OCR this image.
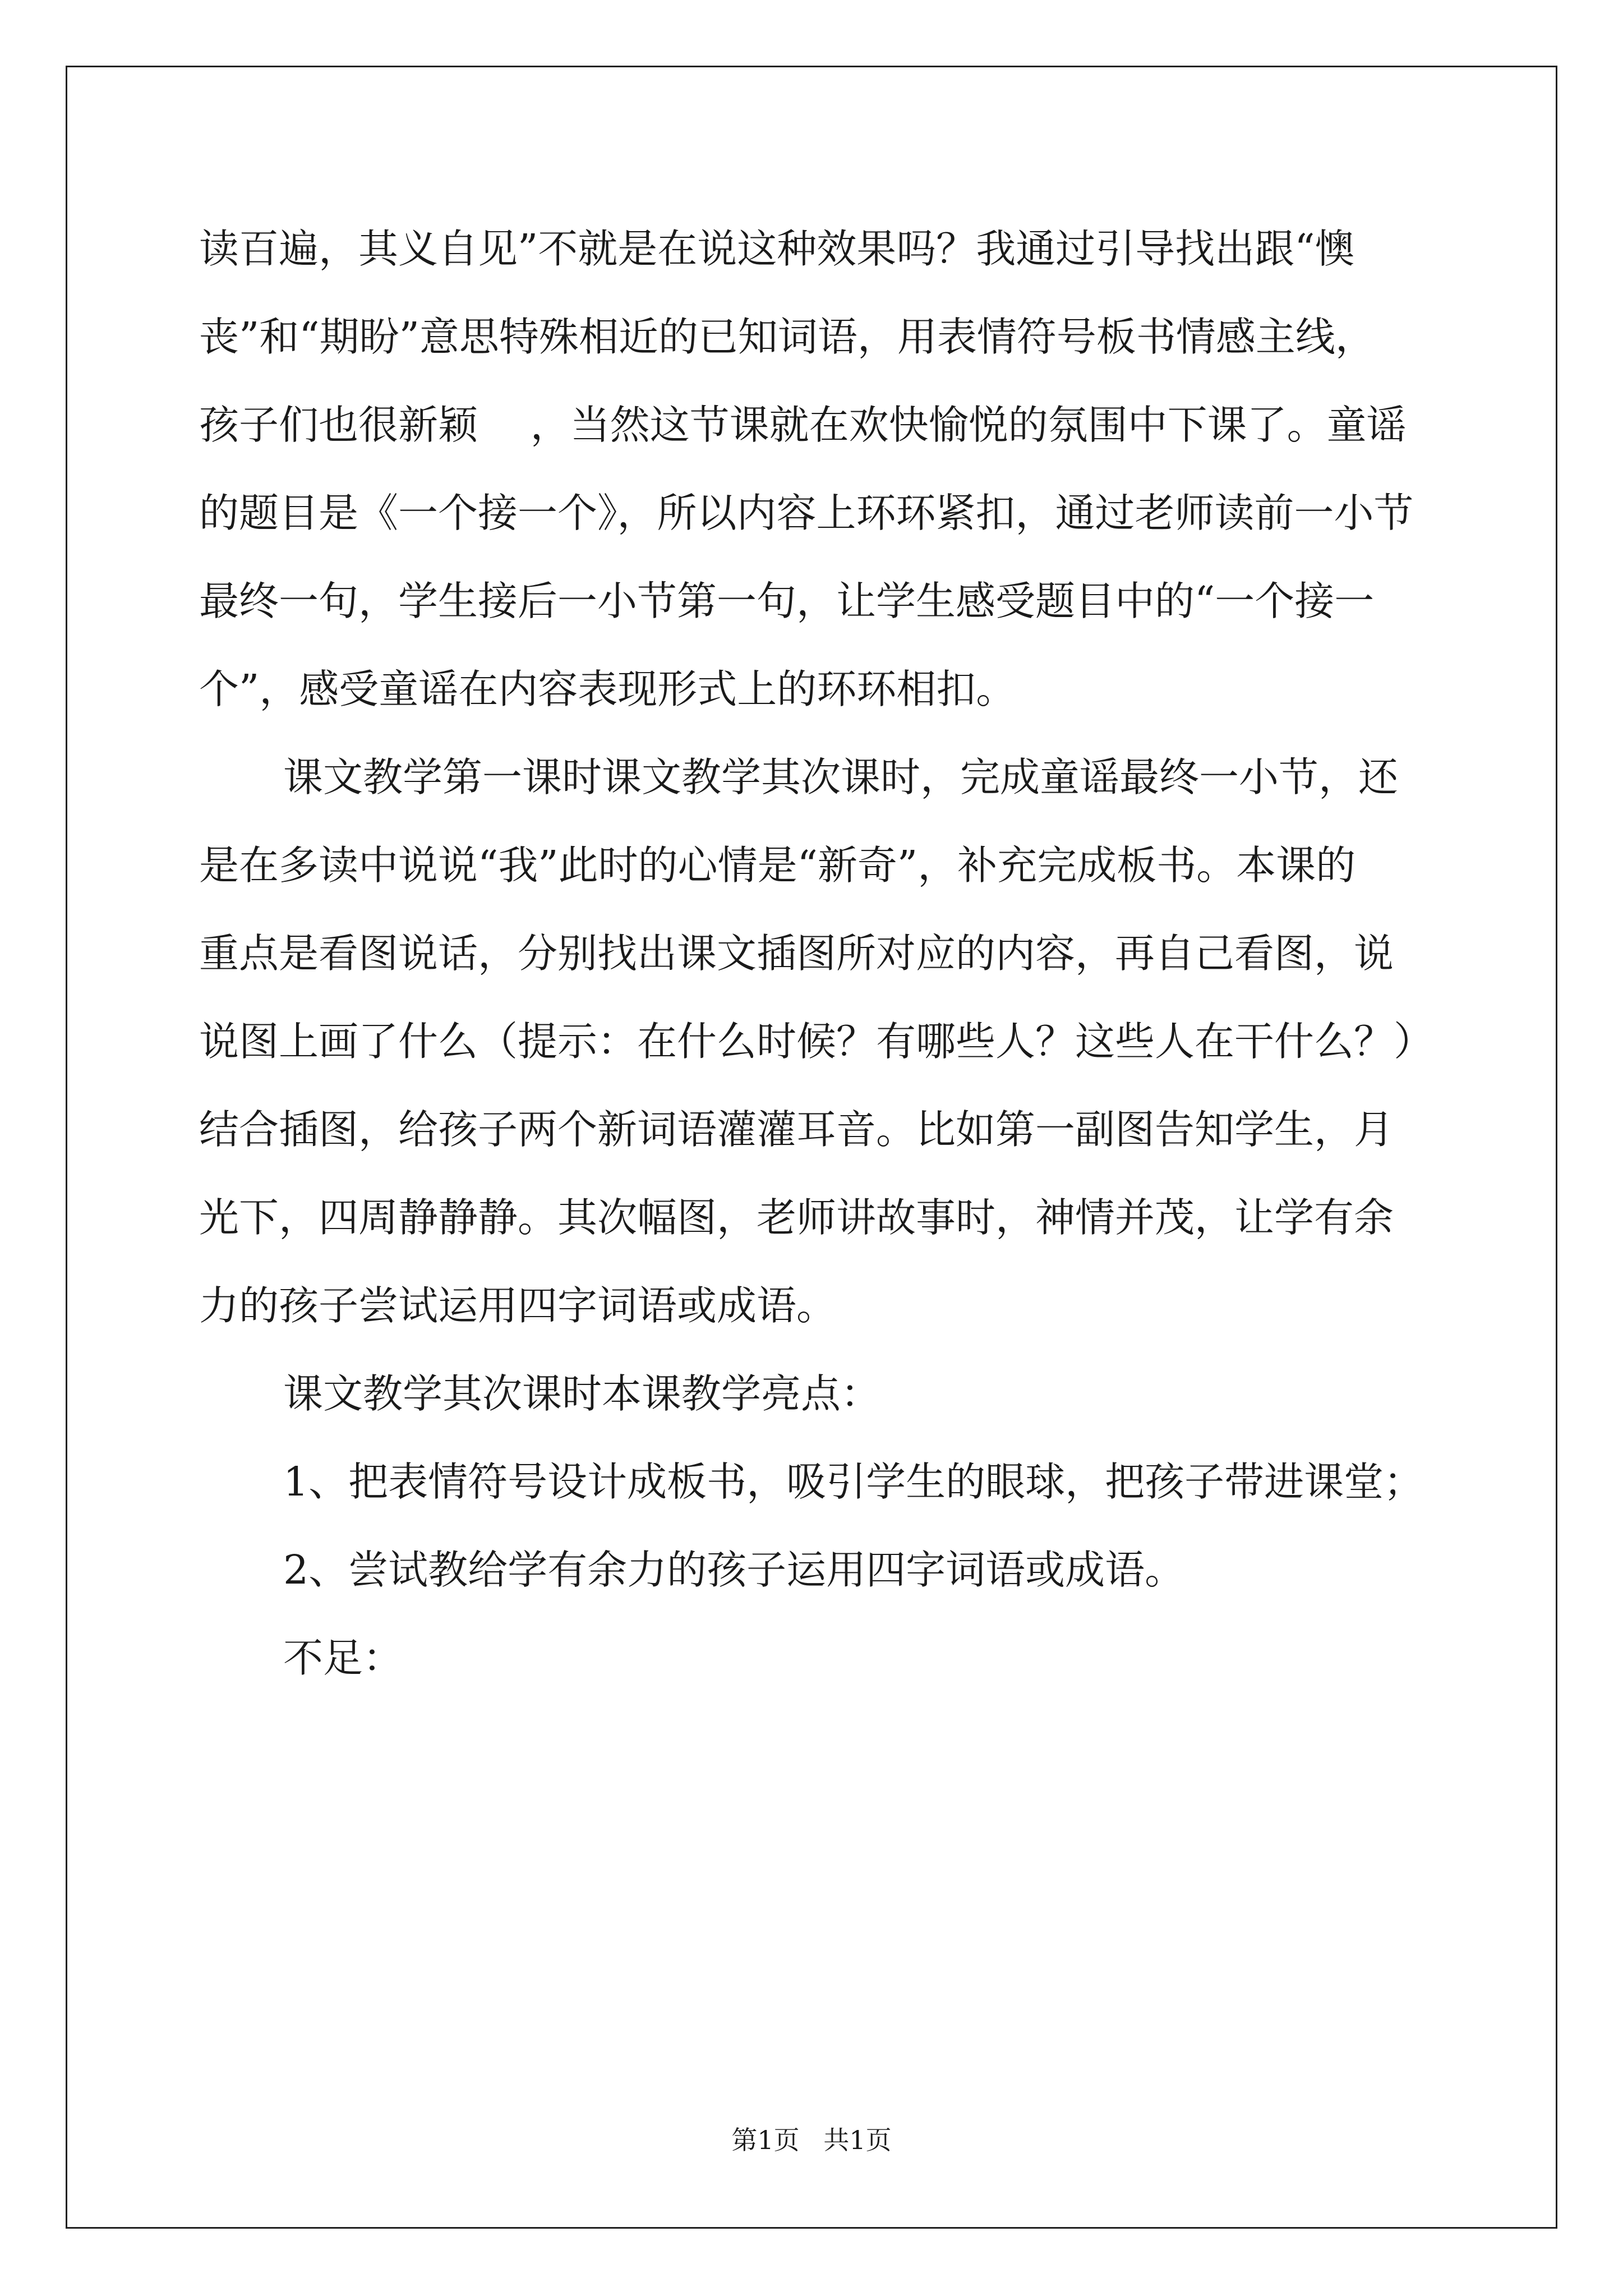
读百遍，其义自见”不就是在说这种效果吗？我通过引导找出跟“懊
丧”和“期盼”意思特殊相近的已知词语，用表情符号板书情感主线，
孩子们也很新颖　 ，当然这节课就在欢快愉悦的氛围中下课了。童谣
的题目是《一个接一个》，所以内容上环环紧扣，通过老师读前一小节
最终一句，学生接后一小节第一句，让学生感受题目中的“一个接一
个”，感受童谣在内容表现形式上的环环相扣。
课文教学第一课时课文教学其次课时，完成童谣最终一小节，还
是在多读中说说“我”此时的心情是“新奇”，补充完成板书。本课的
重点是看图说话，分别找出课文插图所对应的内容，再自己看图，说
说图上画了什么（提示：在什么时候？有哪些人？这些人在干什么？）
结合插图，给孩子两个新词语灌灌耳音。比如第一副图告知学生，月
光下，四周静静静。其次幅图，老师讲故事时，神情并茂，让学有余
力的孩子尝试运用四字词语或成语。
课文教学其次课时本课教学亮点：
1、把表情符号设计成板书，吸引学生的眼球，把孩子带进课堂；
2、尝试教给学有余力的孩子运用四字词语或成语。
不足：
第1页 共1页
